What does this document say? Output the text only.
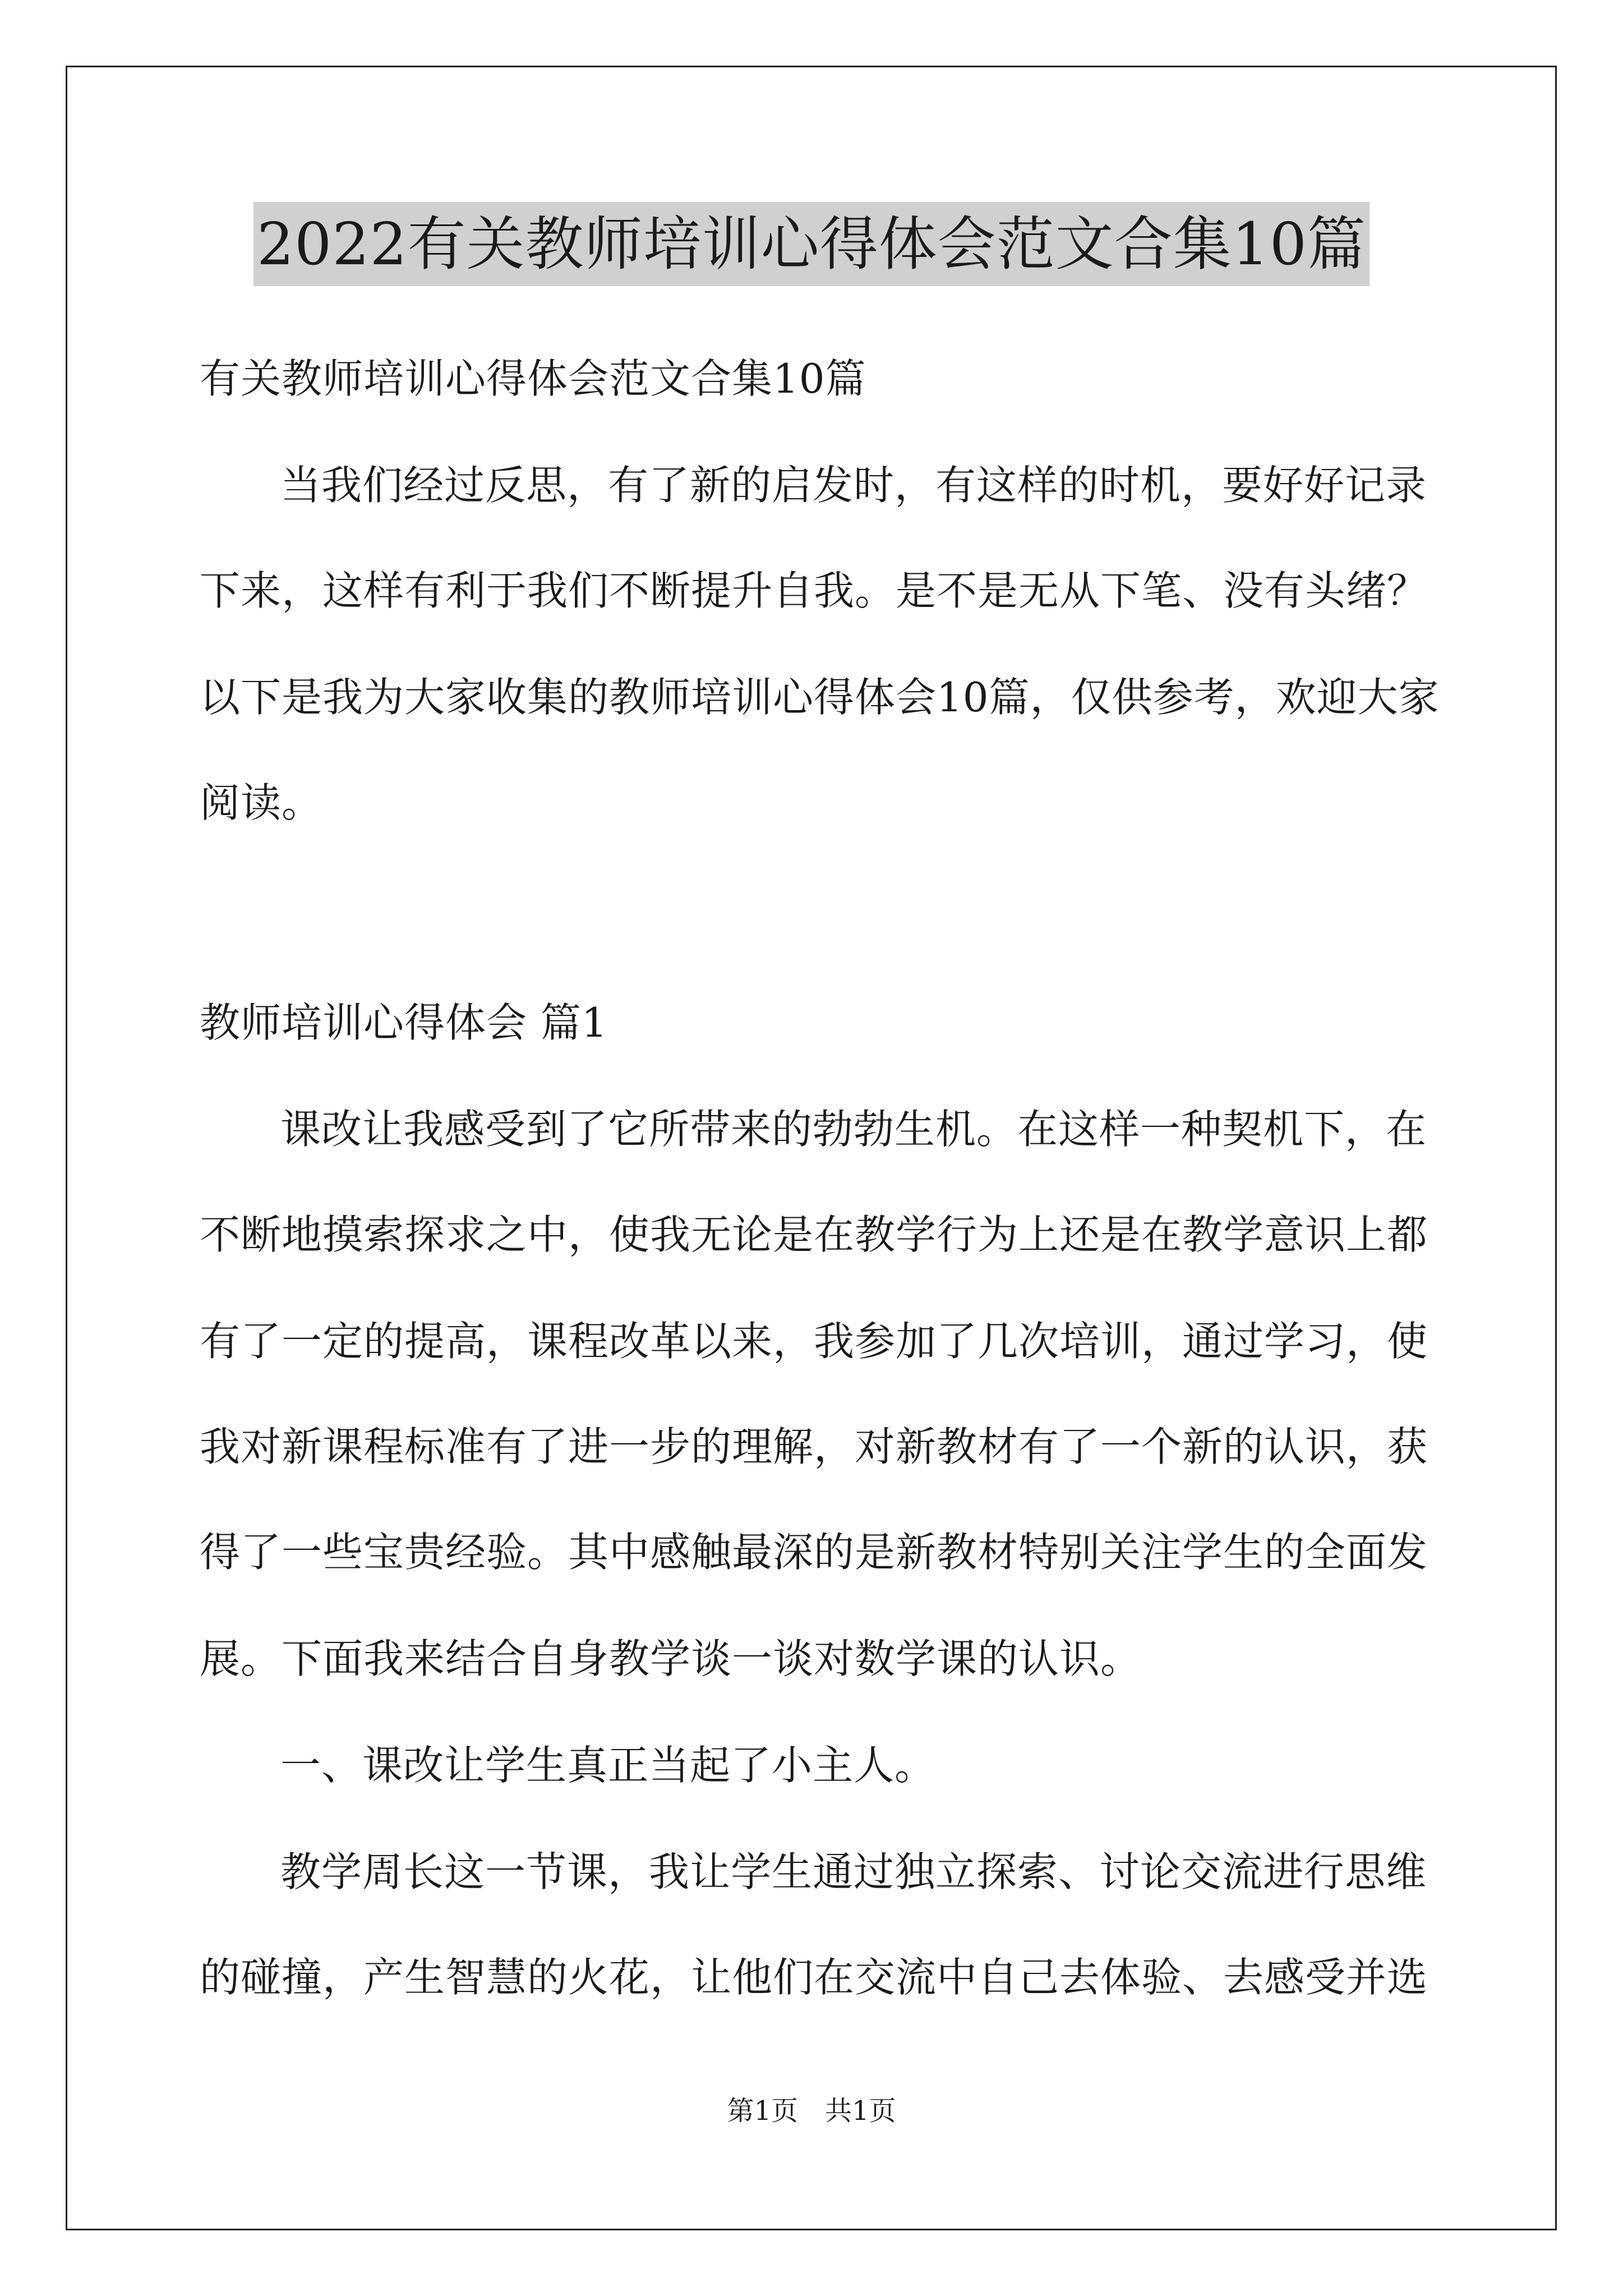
2022有关教师培训心得体会范文合集10篇
有关教师培训心得体会范文合集10篇
当我们经过反思，有了新的启发时，有这样的时机，要好好记录
下来，这样有利于我们不断提升自我。是不是无从下笔、没有头绪？
以下是我为大家收集的教师培训心得体会10篇，仅供参考，欢迎大家
阅读。
教师培训心得体会 篇1
课改让我感受到了它所带来的勃勃生机。在这样一种契机下，在
不断地摸索探求之中，使我无论是在教学行为上还是在教学意识上都
有了一定的提高，课程改革以来，我参加了几次培训，通过学习，使
我对新课程标准有了进一步的理解，对新教材有了一个新的认识，获
得了一些宝贵经验。其中感触最深的是新教材特别关注学生的全面发
展。下面我来结合自身教学谈一谈对数学课的认识。
一、课改让学生真正当起了小主人。
教学周长这一节课，我让学生通过独立探索、讨论交流进行思维
的碰撞，产生智慧的火花，让他们在交流中自己去体验、去感受并选
第1页　共1页
